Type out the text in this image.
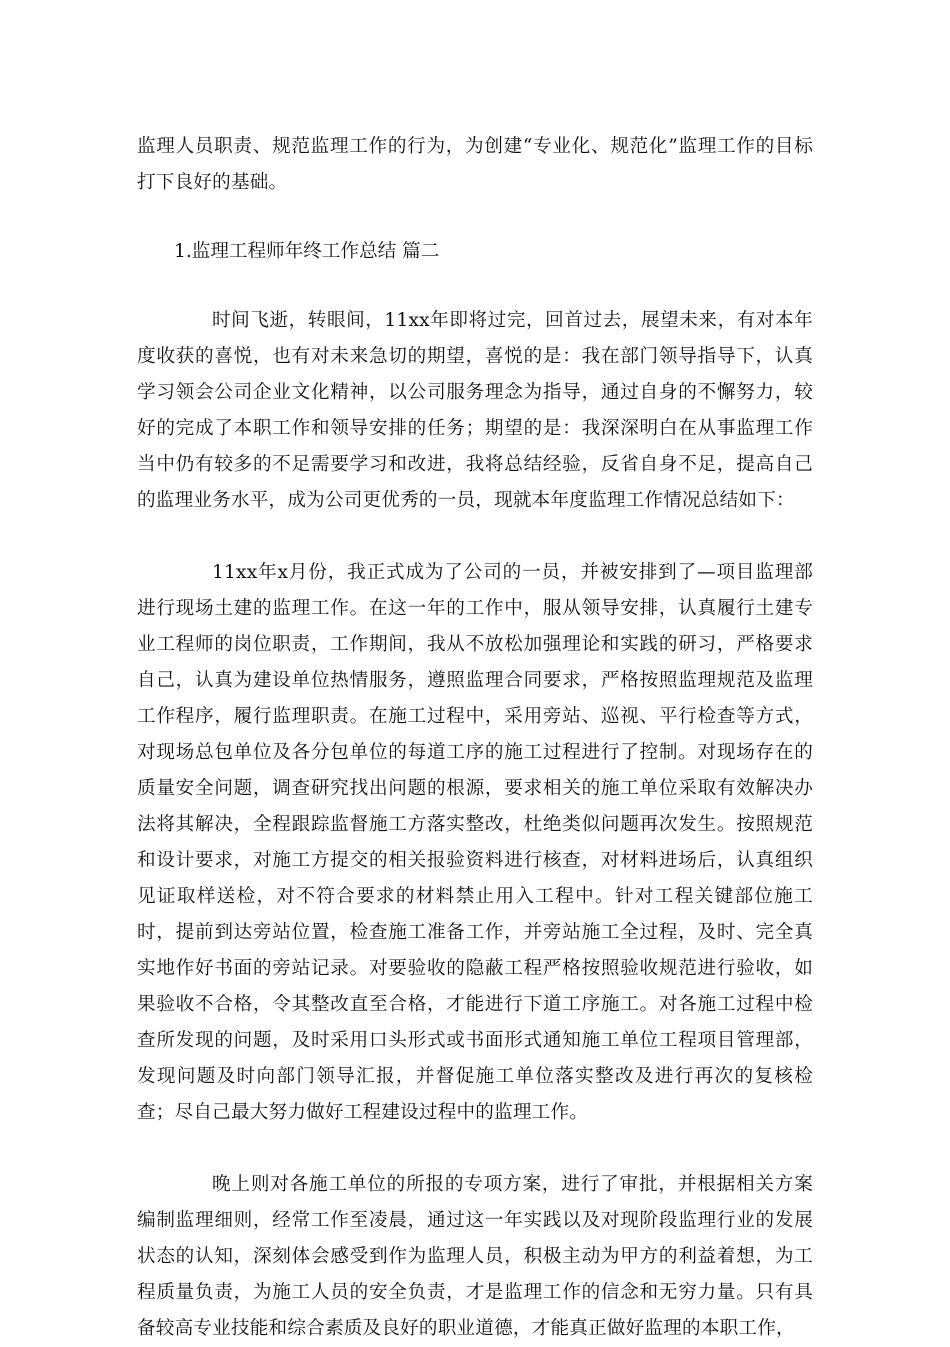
监理人员职责、规范监理工作的行为，为创建“专业化、规范化”监理工作的目标打下良好的基础。

1.监理工程师年终工作总结 篇二

时间飞逝，转眼间，11xx年即将过完，回首过去，展望未来，有对本年度收获的喜悦，也有对未来急切的期望，喜悦的是：我在部门领导指导下，认真学习领会公司企业文化精神，以公司服务理念为指导，通过自身的不懈努力，较好的完成了本职工作和领导安排的任务；期望的是：我深深明白在从事监理工作当中仍有较多的不足需要学习和改进，我将总结经验，反省自身不足，提高自己的监理业务水平，成为公司更优秀的一员，现就本年度监理工作情况总结如下：

11xx年x月份，我正式成为了公司的一员，并被安排到了—项目监理部进行现场土建的监理工作。在这一年的工作中，服从领导安排，认真履行土建专业工程师的岗位职责，工作期间，我从不放松加强理论和实践的研习，严格要求自己，认真为建设单位热情服务，遵照监理合同要求，严格按照监理规范及监理工作程序，履行监理职责。在施工过程中，采用旁站、巡视、平行检查等方式，对现场总包单位及各分包单位的每道工序的施工过程进行了控制。对现场存在的质量安全问题，调查研究找出问题的根源，要求相关的施工单位采取有效解决办法将其解决，全程跟踪监督施工方落实整改，杜绝类似问题再次发生。按照规范和设计要求，对施工方提交的相关报验资料进行核查，对材料进场后，认真组织见证取样送检，对不符合要求的材料禁止用入工程中。针对工程关键部位施工时，提前到达旁站位置，检查施工准备工作，并旁站施工全过程，及时、完全真实地作好书面的旁站记录。对要验收的隐蔽工程严格按照验收规范进行验收，如果验收不合格，令其整改直至合格，才能进行下道工序施工。对各施工过程中检查所发现的问题，及时采用口头形式或书面形式通知施工单位工程项目管理部，发现问题及时向部门领导汇报，并督促施工单位落实整改及进行再次的复核检查；尽自己最大努力做好工程建设过程中的监理工作。

晚上则对各施工单位的所报的专项方案，进行了审批，并根据相关方案编制监理细则，经常工作至凌晨，通过这一年实践以及对现阶段监理行业的发展状态的认知，深刻体会感受到作为监理人员，积极主动为甲方的利益着想，为工程质量负责，为施工人员的安全负责，才是监理工作的信念和无穷力量。只有具备较高专业技能和综合素质及良好的职业道德，才能真正做好监理的本职工作，
